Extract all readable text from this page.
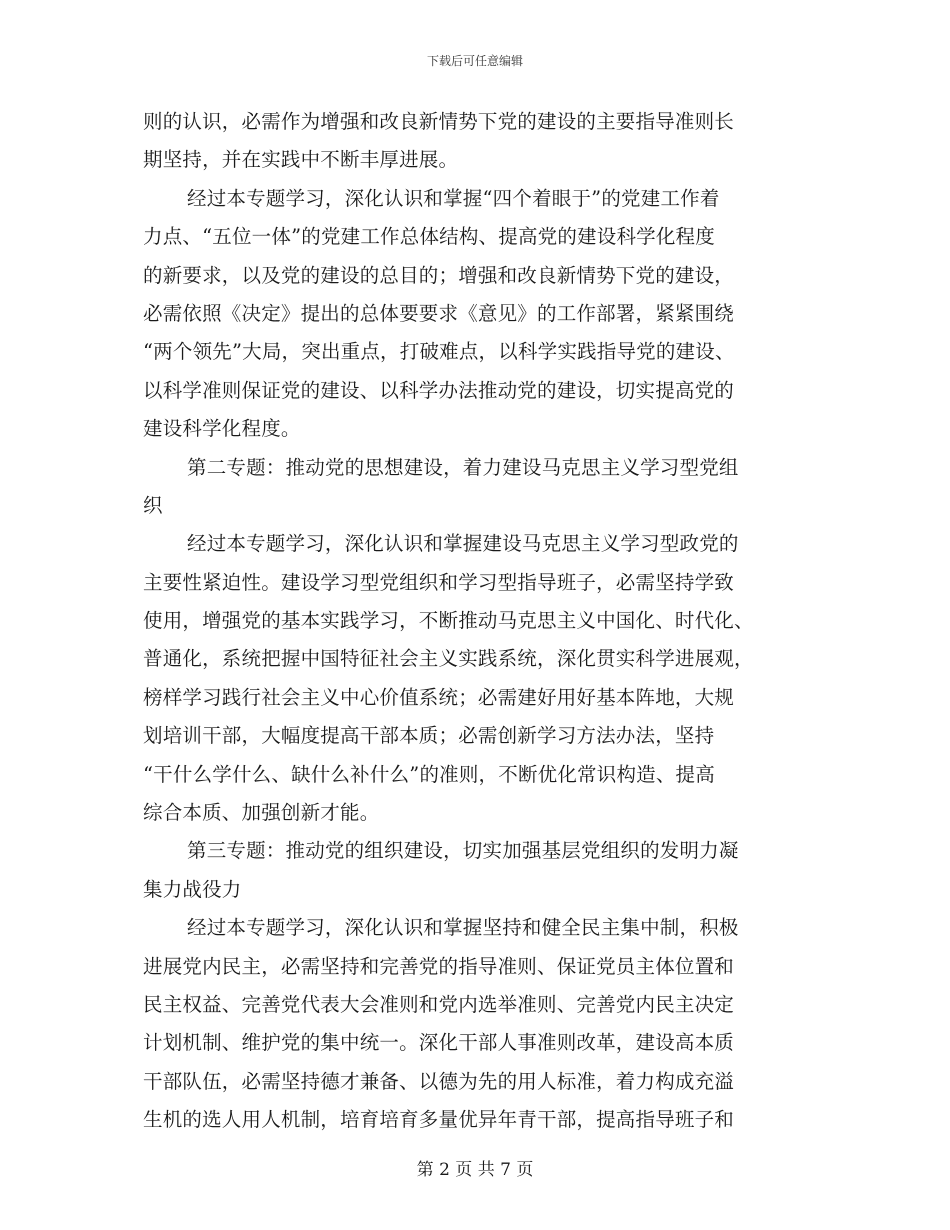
下载后可任意编辑
则的认识，必需作为增强和改良新情势下党的建设的主要指导准则长
期坚持，并在实践中不断丰厚进展。
经过本专题学习，深化认识和掌握“四个着眼于”的党建工作着
力点、“五位一体”的党建工作总体结构、提高党的建设科学化程度
的新要求，以及党的建设的总目的；增强和改良新情势下党的建设，
必需依照《决定》提出的总体要要求《意见》的工作部署，紧紧围绕
“两个领先”大局，突出重点，打破难点，以科学实践指导党的建设、
以科学准则保证党的建设、以科学办法推动党的建设，切实提高党的
建设科学化程度。
第二专题：推动党的思想建设，着力建设马克思主义学习型党组
织
经过本专题学习，深化认识和掌握建设马克思主义学习型政党的
主要性紧迫性。建设学习型党组织和学习型指导班子，必需坚持学致
使用，增强党的基本实践学习，不断推动马克思主义中国化、时代化、
普通化，系统把握中国特征社会主义实践系统，深化贯实科学进展观，
榜样学习践行社会主义中心价值系统；必需建好用好基本阵地，大规
划培训干部，大幅度提高干部本质；必需创新学习方法办法，坚持
“干什么学什么、缺什么补什么”的准则，不断优化常识构造、提高
综合本质、加强创新才能。
第三专题：推动党的组织建设，切实加强基层党组织的发明力凝
集力战役力
经过本专题学习，深化认识和掌握坚持和健全民主集中制，积极
进展党内民主，必需坚持和完善党的指导准则、保证党员主体位置和
民主权益、完善党代表大会准则和党内选举准则、完善党内民主决定
计划机制、维护党的集中统一。深化干部人事准则改革，建设高本质
干部队伍，必需坚持德才兼备、以德为先的用人标准，着力构成充溢
生机的选人用人机制，培育培育多量优异年青干部，提高指导班子和
第 2 页 共 7 页
